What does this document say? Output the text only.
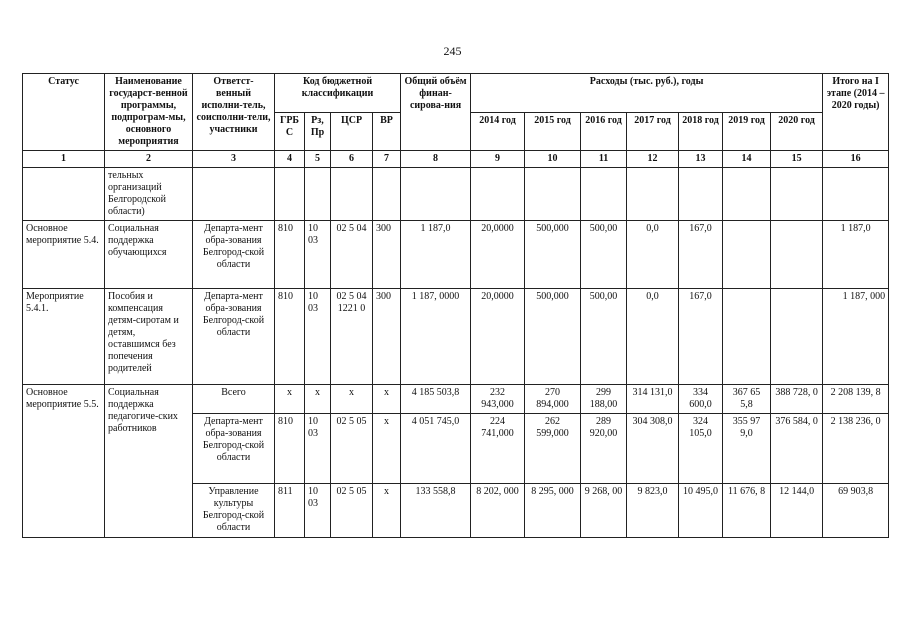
245
Статус	Наименование государст-венной программы, подпрограм-мы, основного мероприятия	Ответст-венный исполни-тель, соисполни-тели, участники	Код бюджетной классификации				Общий объём финан-сирова-ния	Расходы (тыс. руб.), годы							Итого на I этапе (2014 – 2020 годы)
			ГРБ С	Рз, Пр	ЦСР	ВР		2014 год	2015 год	2016 год	2017 год	2018 год	2019 год	2020 год	
1	2	3	4	5	6	7	8	9	10	11	12	13	14	15	16
	тельных организаций Белгородской области)														
Основное мероприятие 5.4.	Социальная поддержка обучающихся	Департа-мент обра-зования Белгород-ской области	810	10 03	02 5 04	300	1 187,0	20,0000	500,000	500,00	0,0	167,0			1 187,0
Мероприятие 5.4.1.	Пособия и компенсация детям-сиротам и детям, оставшимся без попечения родителей	Департа-мент обра-зования Белгород-ской области	810	10 03	02 5 04 1221 0	300	1 187, 0000	20,0000	500,000	500,00	0,0	167,0			1 187, 000
Основное мероприятие 5.5.	Социальная поддержка педагогиче-ских работников	Всего	х	х	х	х	4 185 503,8	232 943,000	270 894,000	299 188,00	314 131,0	334 600,0	367 65 5,8	388 728, 0	2 208 139, 8
		Департа-мент обра-зования Белгород-ской области	810	10 03	02 5 05	х	4 051 745,0	224 741,000	262 599,000	289 920,00	304 308,0	324 105,0	355 97 9,0	376 584, 0	2 138 236, 0
		Управление культуры Белгород-ской области	811	10 03	02 5 05	х	133 558,8	8 202, 000	8 295, 000	9 268, 00	9 823,0	10 495,0	11 676, 8	12 144,0	69 903,8
